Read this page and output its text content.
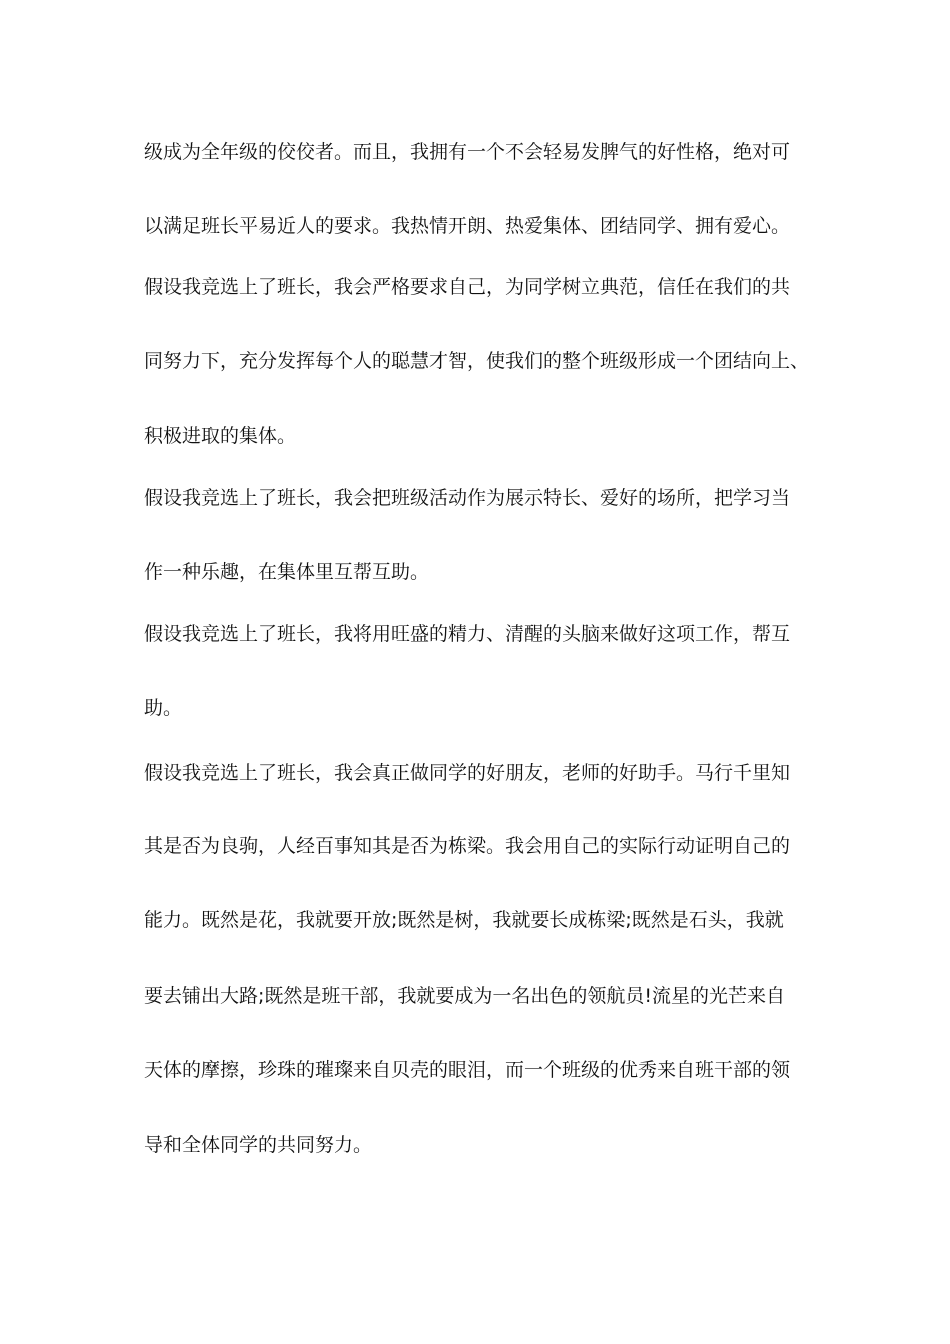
级成为全年级的佼佼者。而且，我拥有一个不会轻易发脾气的好性格，绝对可
以满足班长平易近人的要求。我热情开朗、热爱集体、团结同学、拥有爱心。
假设我竞选上了班长，我会严格要求自己，为同学树立典范，信任在我们的共
同努力下，充分发挥每个人的聪慧才智，使我们的整个班级形成一个团结向上、
积极进取的集体。
假设我竞选上了班长，我会把班级活动作为展示特长、爱好的场所，把学习当
作一种乐趣，在集体里互帮互助。
假设我竞选上了班长，我将用旺盛的精力、清醒的头脑来做好这项工作，帮互
助。
假设我竞选上了班长，我会真正做同学的好朋友，老师的好助手。马行千里知
其是否为良驹，人经百事知其是否为栋梁。我会用自己的实际行动证明自己的
能力。既然是花，我就要开放;既然是树，我就要长成栋梁;既然是石头，我就
要去铺出大路;既然是班干部，我就要成为一名出色的领航员!流星的光芒来自
天体的摩擦，珍珠的璀璨来自贝壳的眼泪，而一个班级的优秀来自班干部的领
导和全体同学的共同努力。
